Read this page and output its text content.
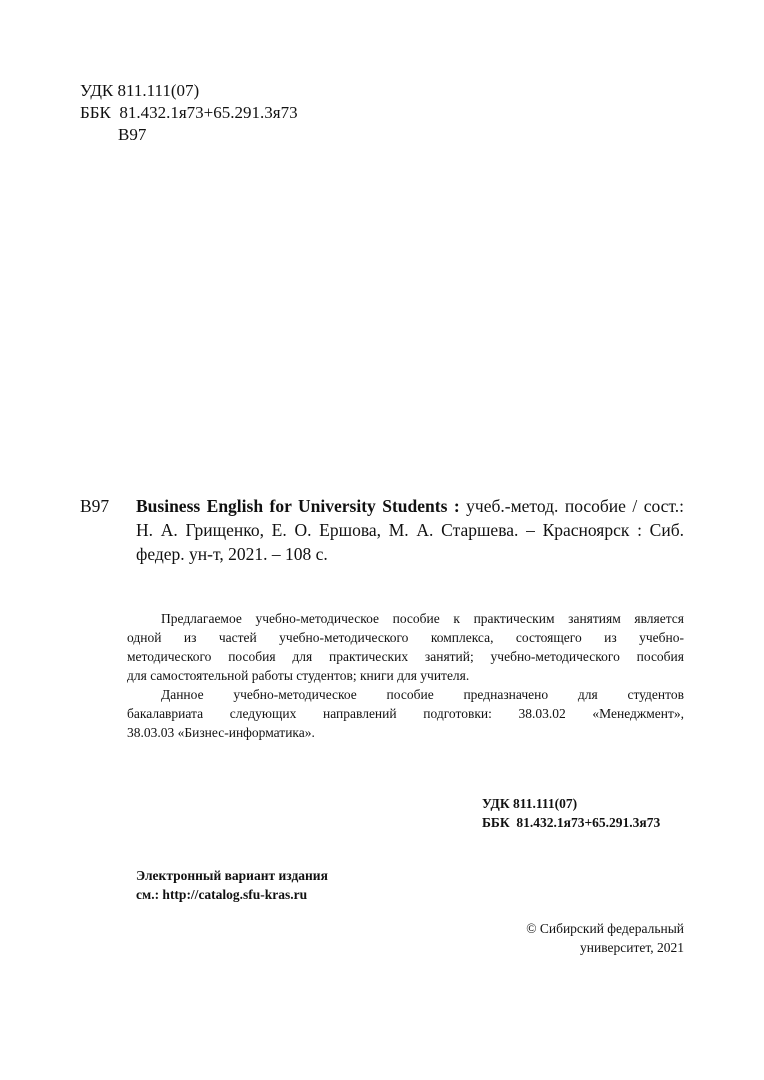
УДК 811.111(07)
ББК  81.432.1я73+65.291.3я73
В97
В97 Business English for University Students : учеб.-метод. пособие / сост.:
Н. А. Грищенко, Е. О. Ершова, М. А. Старшева. – Красноярск : Сиб.
федер. ун-т, 2021. – 108 с.
Предлагаемое учебно-методическое пособие к практическим занятиям является
одной из частей учебно-методического комплекса, состоящего из учебно-
методического пособия для практических занятий; учебно-методического пособия
для самостоятельной работы студентов; книги для учителя.
Данное учебно-методическое пособие предназначено для студентов
бакалавриата следующих направлений подготовки: 38.03.02 «Менеджмент»,
38.03.03 «Бизнес-информатика».
УДК 811.111(07)
ББК  81.432.1я73+65.291.3я73
Электронный вариант издания
см.: http://catalog.sfu-kras.ru
© Сибирский федеральный
университет, 2021
